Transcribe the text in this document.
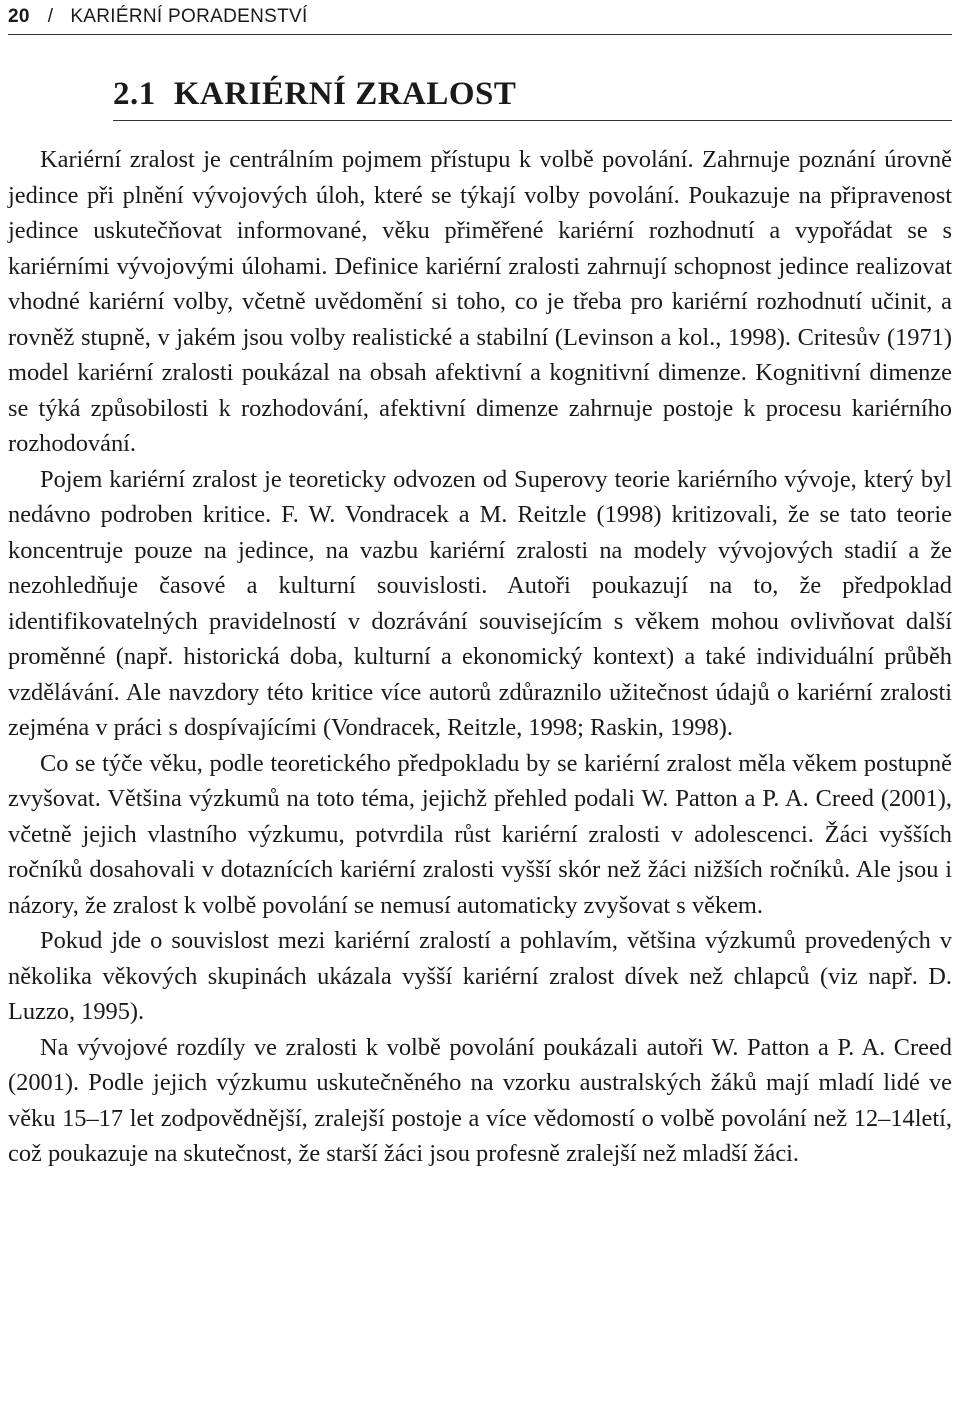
20 / KARIÉRNÍ PORADENSTVÍ
2.1 KARIÉRNÍ ZRALOST

Kariérní zralost je centrálním pojmem přístupu k volbě povolání. Zahrnuje poznání úrovně jedince při plnění vývojových úloh, které se týkají volby povolání. Poukazuje na připravenost jedince uskutečňovat informované, věku přiměřené kariérní rozhodnutí a vypořádat se s kariérními vývojovými úlohami. Definice kariérní zralosti zahrnují schopnost jedince realizovat vhodné kariérní volby, včetně uvědomění si toho, co je třeba pro kariérní rozhodnutí učinit, a rovněž stupně, v jakém jsou volby realistické a stabilní (Levinson a kol., 1998). Critesův (1971) model kariérní zralosti poukázal na obsah afektivní a kognitivní dimenze. Kognitivní dimenze se týká způsobilosti k rozhodování, afektivní dimenze zahrnuje postoje k procesu kariérního rozhodování.

Pojem kariérní zralost je teoreticky odvozen od Superovy teorie kariérního vývoje, který byl nedávno podroben kritice. F. W. Vondracek a M. Reitzle (1998) kritizovali, že se tato teorie koncentruje pouze na jedince, na vazbu kariérní zralosti na modely vývojových stadií a že nezohledňuje časové a kulturní souvislosti. Autoři poukazují na to, že předpoklad identifikovatelných pravidelností v dozrávání souvisejícím s věkem mohou ovlivňovat další proměnné (např. historická doba, kulturní a ekonomický kontext) a také individuální průběh vzdělávání. Ale navzdory této kritice více autorů zdůraznilo užitečnost údajů o kariérní zralosti zejména v práci s dospívajícími (Vondracek, Reitzle, 1998; Raskin, 1998).

Co se týče věku, podle teoretického předpokladu by se kariérní zralost měla věkem postupně zvyšovat. Většina výzkumů na toto téma, jejichž přehled podali W. Patton a P. A. Creed (2001), včetně jejich vlastního výzkumu, potvrdila růst kariérní zralosti v adolescenci. Žáci vyšších ročníků dosahovali v dotaznících kariérní zralosti vyšší skór než žáci nižších ročníků. Ale jsou i názory, že zralost k volbě povolání se nemusí automaticky zvyšovat s věkem.

Pokud jde o souvislost mezi kariérní zralostí a pohlavím, většina výzkumů provedených v několika věkových skupinách ukázala vyšší kariérní zralost dívek než chlapců (viz např. D. Luzzo, 1995).

Na vývojové rozdíly ve zralosti k volbě povolání poukázali autoři W. Patton a P. A. Creed (2001). Podle jejich výzkumu uskutečněného na vzorku australských žáků mají mladí lidé ve věku 15–17 let zodpovědnější, zralejší postoje a více vědomostí o volbě povolání než 12–14letí, což poukazuje na skutečnost, že starší žáci jsou profesně zralejší než mladší žáci.
